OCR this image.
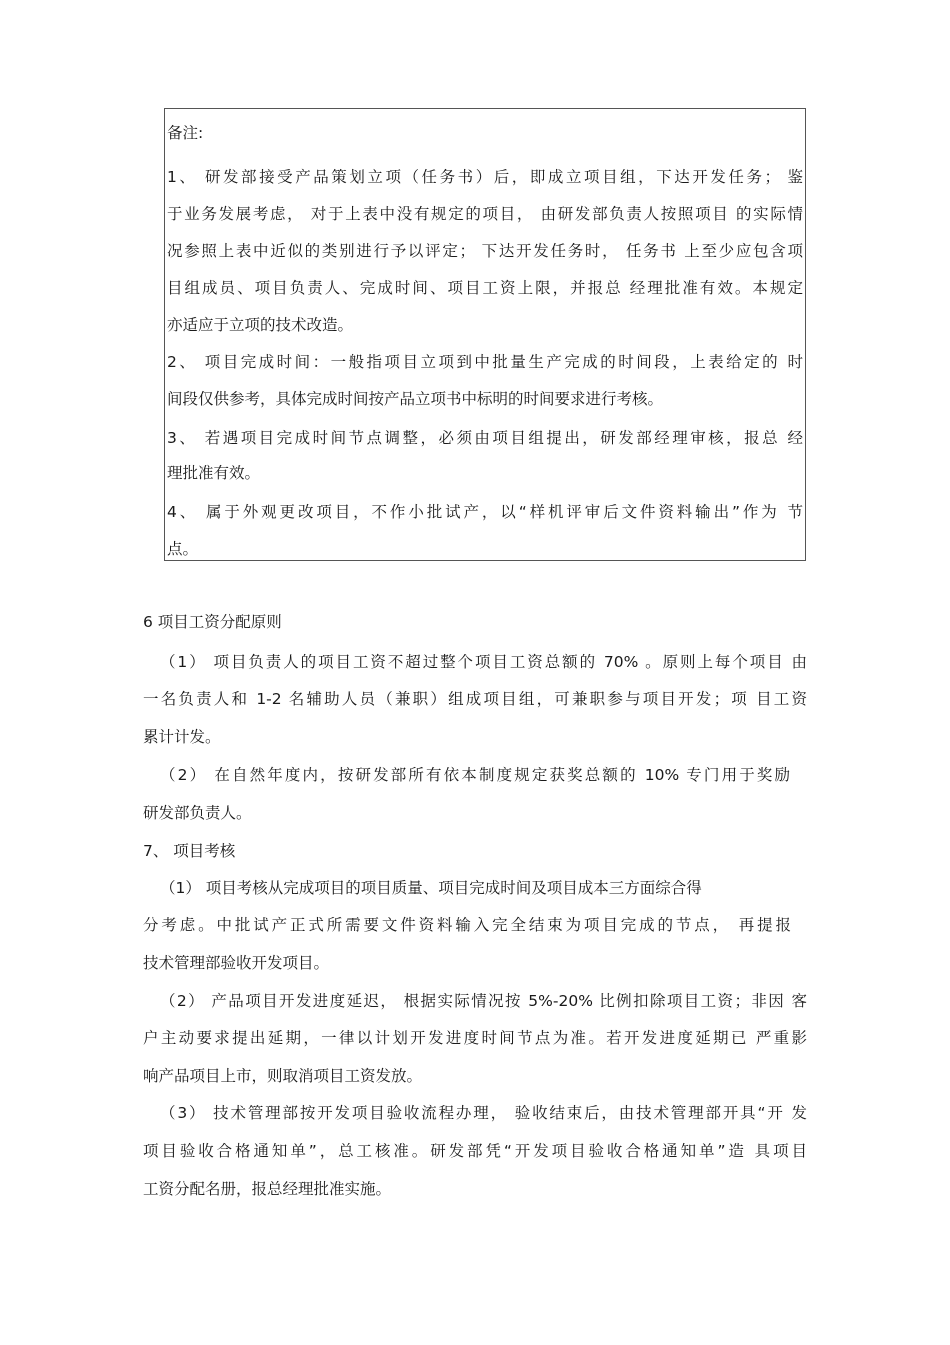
备注:
1、 研发部接受产品策划立项（任务书）后，即成立项目组，下达开发任务； 鉴
于业务发展考虑， 对于上表中没有规定的项目， 由研发部负责人按照项目 的实际情
况参照上表中近似的类别进行予以评定； 下达开发任务时， 任务书 上至少应包含项
目组成员、项目负责人、完成时间、项目工资上限，并报总 经理批准有效。本规定
亦适应于立项的技术改造。
2、 项目完成时间：一般指项目立项到中批量生产完成的时间段，上表给定的 时
间段仅供参考，具体完成时间按产品立项书中标明的时间要求进行考核。
3、 若遇项目完成时间节点调整，必须由项目组提出，研发部经理审核，报总 经
理批准有效。
4、 属于外观更改项目，不作小批试产，以“样机评审后文件资料输出”作为 节
点。
6 项目工资分配原则
（1） 项目负责人的项目工资不超过整个项目工资总额的 70% 。原则上每个项目 由
一名负责人和 1-2 名辅助人员（兼职）组成项目组，可兼职参与项目开发；项 目工资
累计计发。
（2） 在自然年度内，按研发部所有依本制度规定获奖总额的 10% 专门用于奖励
研发部负责人。
7、 项目考核
（1） 项目考核从完成项目的项目质量、项目完成时间及项目成本三方面综合得
分考虑。中批试产正式所需要文件资料输入完全结束为项目完成的节点， 再提报
技术管理部验收开发项目。
（2） 产品项目开发进度延迟， 根据实际情况按 5%-20% 比例扣除项目工资；非因 客
户主动要求提出延期，一律以计划开发进度时间节点为准。若开发进度延期已 严重影
响产品项目上市，则取消项目工资发放。
（3） 技术管理部按开发项目验收流程办理， 验收结束后，由技术管理部开具“开 发
项目验收合格通知单”，总工核准。研发部凭“开发项目验收合格通知单”造 具项目
工资分配名册，报总经理批准实施。
